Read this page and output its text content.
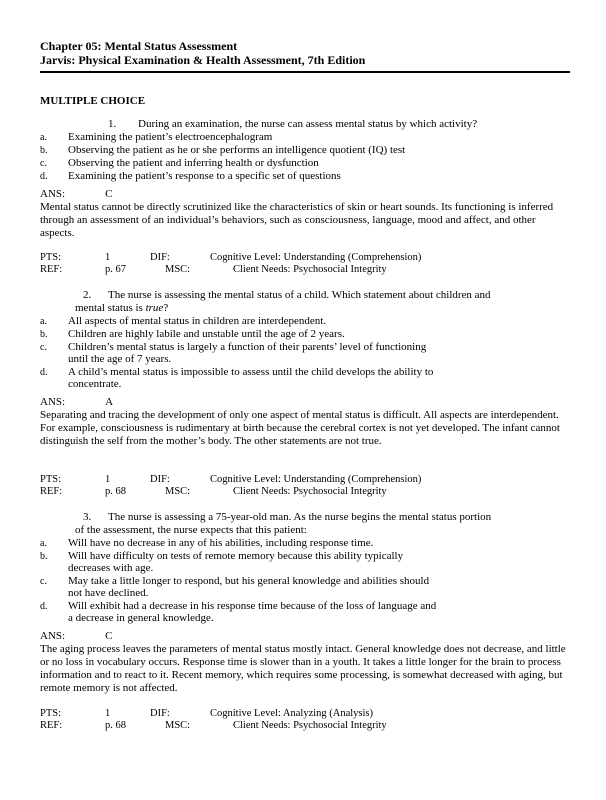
Chapter 05: Mental Status Assessment
Jarvis: Physical Examination & Health Assessment, 7th Edition
MULTIPLE CHOICE
1. During an examination, the nurse can assess mental status by which activity?
a. Examining the patient’s electroencephalogram
b. Observing the patient as he or she performs an intelligence quotient (IQ) test
c. Observing the patient and inferring health or dysfunction
d. Examining the patient’s response to a specific set of questions
ANS:	C
Mental status cannot be directly scrutinized like the characteristics of skin or heart sounds. Its functioning is inferred through an assessment of an individual’s behaviors, such as consciousness, language, mood and affect, and other aspects.
PTS:	1	DIF:	Cognitive Level: Understanding (Comprehension)
REF:	p. 67	MSC:	Client Needs: Psychosocial Integrity
2. The nurse is assessing the mental status of a child. Which statement about children and
mental status is true?
a. All aspects of mental status in children are interdependent.
b. Children are highly labile and unstable until the age of 2 years.
c. Children’s mental status is largely a function of their parents’ level of functioning
until the age of 7 years.
d. A child’s mental status is impossible to assess until the child develops the ability to
concentrate.
ANS:	A
Separating and tracing the development of only one aspect of mental status is difficult. All aspects are interdependent. For example, consciousness is rudimentary at birth because the cerebral cortex is not yet developed. The infant cannot distinguish the self from the mother’s body. The other statements are not true.
PTS:	1	DIF:	Cognitive Level: Understanding (Comprehension)
REF:	p. 68	MSC:	Client Needs: Psychosocial Integrity
3. The nurse is assessing a 75-year-old man. As the nurse begins the mental status portion
of the assessment, the nurse expects that this patient:
a. Will have no decrease in any of his abilities, including response time.
b. Will have difficulty on tests of remote memory because this ability typically
decreases with age.
c. May take a little longer to respond, but his general knowledge and abilities should
not have declined.
d. Will exhibit had a decrease in his response time because of the loss of language and
a decrease in general knowledge.
ANS:	C
The aging process leaves the parameters of mental status mostly intact. General knowledge does not decrease, and little or no loss in vocabulary occurs. Response time is slower than in a youth. It takes a little longer for the brain to process information and to react to it. Recent memory, which requires some processing, is somewhat decreased with aging, but remote memory is not affected.
PTS:	1	DIF:	Cognitive Level: Analyzing (Analysis)
REF:	p. 68	MSC:	Client Needs: Psychosocial Integrity
